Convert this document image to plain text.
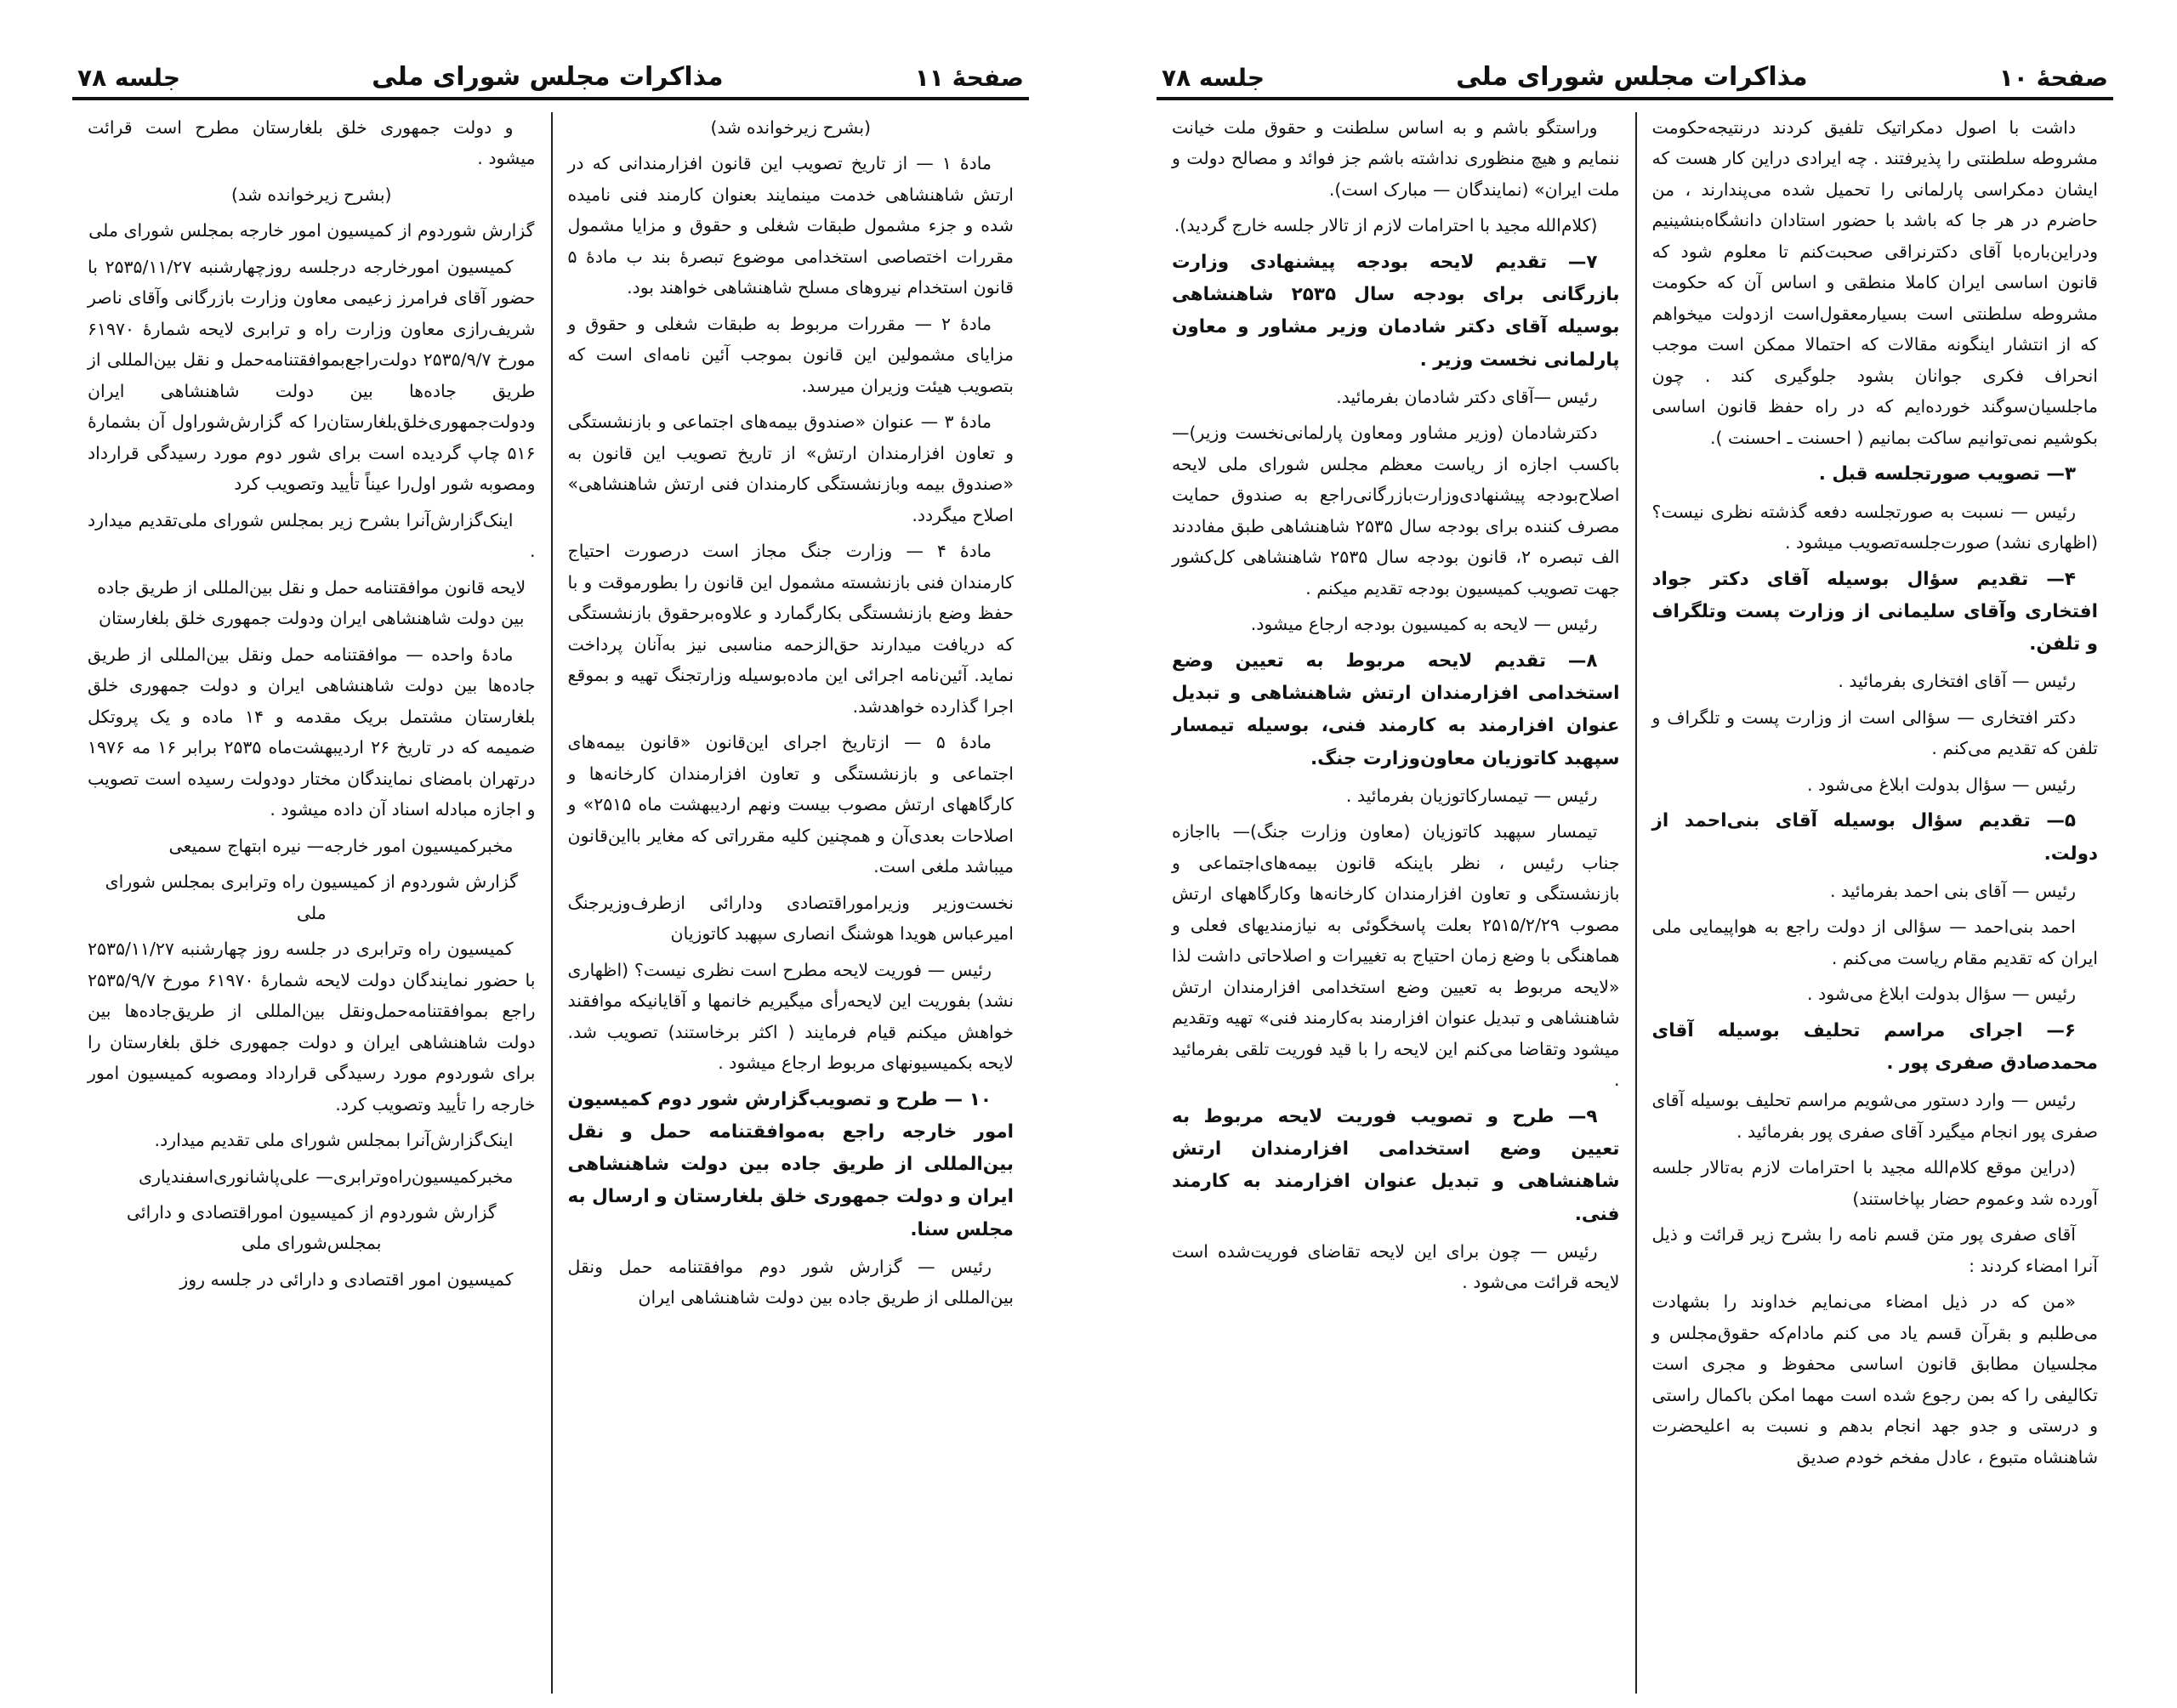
صفحهٔ ۱۱
مذاکرات مجلس شورای ملی
جلسه ۷۸

(بشرح زیرخوانده شد)

مادهٔ ۱ — از تاریخ تصویب این قانون افزارمندانی که در ارتش شاهنشاهی خدمت مینمایند بعنوان کارمند فنی نامیده شده و جزء مشمول طبقات شغلی و حقوق و مزایا مشمول مقررات اختصاصی استخدامی موضوع تبصرهٔ بند ب مادهٔ ۵ قانون استخدام نیروهای مسلح شاهنشاهی خواهند بود.

مادهٔ ۲ — مقررات مربوط به طبقات شغلی و حقوق و مزایای مشمولین این قانون بموجب آئین نامه‌ای است که بتصویب هیئت وزیران میرسد.

مادهٔ ۳ — عنوان «صندوق بیمه‌های اجتماعی و بازنشستگی و تعاون افزارمندان ارتش» از تاریخ تصویب این قانون به «صندوق بیمه وبازنشستگی کارمندان فنی ارتش شاهنشاهی» اصلاح میگردد.

مادهٔ ۴ — وزارت جنگ مجاز است درصورت احتیاج کارمندان فنی بازنشسته مشمول این قانون را بطورموقت و با حفظ وضع بازنشستگی بکارگمارد و علاوه‌برحقوق بازنشستگی که دریافت میدارند حق‌الزحمه مناسبی نیز به‌آنان پرداخت نماید. آئین‌نامه اجرائی این ماده‌بوسیله وزارتجنگ تهیه و بموقع اجرا گذارده خواهدشد.

مادهٔ ۵ — ازتاریخ اجرای این‌قانون «قانون بیمه‌های اجتماعی و بازنشستگی و تعاون افزارمندان کارخانه‌ها و کارگاههای ارتش مصوب بیست ونهم اردیبهشت ماه ۲۵۱۵» و اصلاحات بعدی‌آن و همچنین کلیه مقرراتی که مغایر بااین‌قانون میباشد ملغی است.

نخست‌وزیر وزیراموراقتصادی ودارائی ازطرف‌وزیرجنگ امیرعباس هویدا هوشنگ انصاری سپهبد کاتوزیان

رئیس — فوریت لایحه مطرح است نظری نیست؟ (اظهاری نشد) بفوریت این لایحه‌رأی میگیریم خانمها و آقایانیکه موافقند خواهش میکنم قیام فرمایند ( اکثر برخاستند) تصویب شد. لایحه بکمیسیونهای مربوط ارجاع میشود .

۱۰ — طرح و تصویب‌گزارش شور دوم کمیسیون امور خارجه راجع به‌موافقتنامه حمل و نقل بین‌المللی از طریق جاده بین دولت شاهنشاهی ایران و دولت جمهوری خلق بلغارستان و ارسال به مجلس سنا.

رئیس — گزارش شور دوم موافقتنامه حمل ونقل بین‌المللی از طریق جاده بین دولت شاهنشاهی ایران

و دولت جمهوری خلق بلغارستان مطرح است قرائت میشود .

(بشرح زیرخوانده شد)

گزارش شوردوم از کمیسیون امور خارجه بمجلس شورای ملی

کمیسیون امورخارجه درجلسه روزچهارشنبه ۲۵۳۵/۱۱/۲۷ با حضور آقای فرامرز زعیمی معاون وزارت بازرگانی وآقای ناصر شریف‌رازی معاون وزارت راه و ترابری لایحه شمارهٔ ۶۱۹۷۰ مورخ ۲۵۳۵/۹/۷ دولت‌راجع‌بموافقتنامه‌حمل و نقل بین‌المللی از طریق جاده‌ها بین دولت شاهنشاهی ایران ودولت‌جمهوری‌خلق‌بلغارستان‌را که گزارش‌شوراول آن بشمارهٔ ۵۱۶ چاپ گردیده است برای شور دوم مورد رسیدگی قرارداد ومصوبه شور اول‌را عیناً تأیید وتصویب کرد

اینک‌گزارش‌آنرا بشرح زیر بمجلس شورای ملی‌تقدیم میدارد .

لایحه قانون موافقتنامه حمل و نقل بین‌المللی از طریق جاده بین دولت شاهنشاهی ایران ودولت جمهوری خلق بلغارستان

مادهٔ واحده — موافقتنامه حمل ونقل بین‌المللی از طریق جاده‌ها بین دولت شاهنشاهی ایران و دولت جمهوری خلق بلغارستان مشتمل بریک مقدمه و ۱۴ ماده و یک پروتکل ضمیمه که در تاریخ ۲۶ اردیبهشت‌ماه ۲۵۳۵ برابر ۱۶ مه ۱۹۷۶ درتهران بامضای نمایندگان مختار دودولت رسیده است تصویب و اجازه مبادله اسناد آن داده میشود .

مخبرکمیسیون امور خارجه— نیره ابتهاج سمیعی

گزارش شوردوم از کمیسیون راه وترابری بمجلس شورای ملی

کمیسیون راه وترابری در جلسه روز چهارشنبه ۲۵۳۵/۱۱/۲۷ با حضور نمایندگان دولت لایحه شمارهٔ ۶۱۹۷۰ مورخ ۲۵۳۵/۹/۷ راجع بموافقتنامه‌حمل‌ونقل بین‌المللی از طریق‌جاده‌ها بین دولت شاهنشاهی ایران و دولت جمهوری خلق بلغارستان را برای شوردوم مورد رسیدگی قرارداد ومصوبه کمیسیون امور خارجه را تأیید وتصویب کرد.

اینک‌گزارش‌آنرا بمجلس شورای ملی تقدیم میدارد.

مخبرکمیسیون‌راه‌وترابری— علی‌پاشانوری‌اسفندیاری

گزارش شوردوم از کمیسیون اموراقتصادی و دارائی بمجلس‌شورای ملی

کمیسیون امور اقتصادی و دارائی در جلسه روز

صفحهٔ ۱۰
مذاکرات مجلس شورای ملی
جلسه ۷۸

داشت با اصول دمکراتیک تلفیق کردند درنتیجه‌حکومت مشروطه سلطنتی را پذیرفتند . چه ایرادی دراین کار هست که ایشان دمکراسی پارلمانی را تحمیل شده می‌پندارند ، من حاضرم در هر جا که باشد با حضور استادان دانشگاه‌بنشینیم ودراین‌باره‌با آقای دکترنراقی صحبت‌کنم تا معلوم شود که قانون اساسی ایران کاملا منطقی و اساس آن که حکومت مشروطه سلطنتی است بسیارمعقول‌است ازدولت میخواهم که از انتشار اینگونه مقالات که احتمالا ممکن است موجب انحراف فکری جوانان بشود جلوگیری کند . چون ماجلسیان‌سوگند خورده‌ایم که در راه حفظ قانون اساسی بکوشیم نمی‌توانیم ساکت بمانیم ( احسنت ـ احسنت ).

۳— تصویب صورتجلسه قبل .

رئیس — نسبت به صورتجلسه دفعه گذشته نظری نیست؟(اظهاری نشد) صورت‌جلسه‌تصویب میشود .

۴— تقدیم سؤال بوسیله آقای دکتر جواد افتخاری وآقای سلیمانی از وزارت پست وتلگراف و تلفن.

رئیس — آقای افتخاری بفرمائید .

دکتر افتخاری — سؤالی است از وزارت پست و تلگراف و تلفن که تقدیم می‌کنم .

رئیس — سؤال بدولت ابلاغ می‌شود .

۵— تقدیم سؤال بوسیله آقای بنی‌احمد از دولت.

رئیس — آقای بنی احمد بفرمائید .

احمد بنی‌احمد — سؤالی از دولت راجع به هواپیمایی ملی ایران که تقدیم مقام ریاست می‌کنم .

رئیس — سؤال بدولت ابلاغ می‌شود .

۶— اجرای مراسم تحلیف بوسیله آقای محمدصادق صفری پور .

رئیس — وارد دستور می‌شویم مراسم تحلیف بوسیله آقای صفری پور انجام میگیرد آقای صفری پور بفرمائید .

(دراین موقع کلام‌الله مجید با احترامات لازم به‌تالار جلسه آورده شد وعموم حضار بپاخاستند)

آقای صفری پور متن قسم نامه را بشرح زیر قرائت و ذیل آنرا امضاء کردند :

«من که در ذیل امضاء می‌نمایم خداوند را بشهادت می‌طلبم و بقرآن قسم یاد می کنم مادام‌که حقوق‌مجلس و مجلسیان مطابق قانون اساسی محفوظ و مجری است تکالیفی را که بمن رجوع شده است مهما امکن باکمال راستی و درستی و جدو جهد انجام بدهم و نسبت به اعلیحضرت شاهنشاه متبوع ، عادل مفخم خودم صدیق

وراستگو باشم و به اساس سلطنت و حقوق ملت خیانت ننمایم و هیچ منظوری نداشته باشم جز فوائد و مصالح دولت و ملت ایران» (نمایندگان — مبارک است).

(کلام‌الله مجید با احترامات لازم از تالار جلسه خارج گردید).

۷— تقدیم لایحه بودجه پیشنهادی وزارت بازرگانی برای بودجه سال ۲۵۳۵ شاهنشاهی بوسیله آقای دکتر شادمان وزیر مشاور و معاون پارلمانی نخست وزیر .

رئیس —آقای دکتر شادمان بفرمائید.

دکترشادمان (وزیر مشاور ومعاون پارلمانی‌نخست وزیر)— باکسب اجازه از ریاست معظم مجلس شورای ملی لایحه اصلاح‌بودجه پیشنهادی‌وزارت‌بازرگانی‌راجع به صندوق حمایت مصرف کننده برای بودجه سال ۲۵۳۵ شاهنشاهی طبق مفاددند الف تبصره ۲، قانون بودجه سال ۲۵۳۵ شاهنشاهی کل‌کشور جهت تصویب کمیسیون بودجه تقدیم میکنم .

رئیس — لایحه به کمیسیون بودجه ارجاع میشود.

۸— تقدیم لایحه مربوط به تعیین وضع استخدامی افزارمندان ارتش شاهنشاهی و تبدیل عنوان افزارمند به کارمند فنی، بوسیله تیمسار سپهبد کاتوزیان معاون‌وزارت جنگ.

رئیس — تیمسارکاتوزیان بفرمائید .

تیمسار سپهبد کاتوزیان (معاون وزارت جنگ)— بااجازه جناب رئیس ، نظر باینکه قانون بیمه‌های‌اجتماعی و بازنشستگی و تعاون افزارمندان کارخانه‌ها وکارگاههای ارتش مصوب ۲۵۱۵/۲/۲۹ بعلت پاسخگوئی به نیازمندیهای فعلی و هماهنگی با وضع زمان احتیاج به تغییرات و اصلاحاتی داشت لذا «لایحه مربوط به تعیین وضع استخدامی افزارمندان ارتش شاهنشاهی و تبدیل عنوان افزارمند به‌کارمند فنی» تهیه وتقدیم میشود وتقاضا می‌کنم این لایحه را با قید فوریت تلقی بفرمائید .

۹— طرح و تصویب فوریت لایحه مربوط به تعیین وضع استخدامی افزارمندان ارتش شاهنشاهی و تبدیل عنوان افزارمند به کارمند فنی.

رئیس — چون برای این لایحه تقاضای فوریت‌شده است لایحه قرائت می‌شود .
